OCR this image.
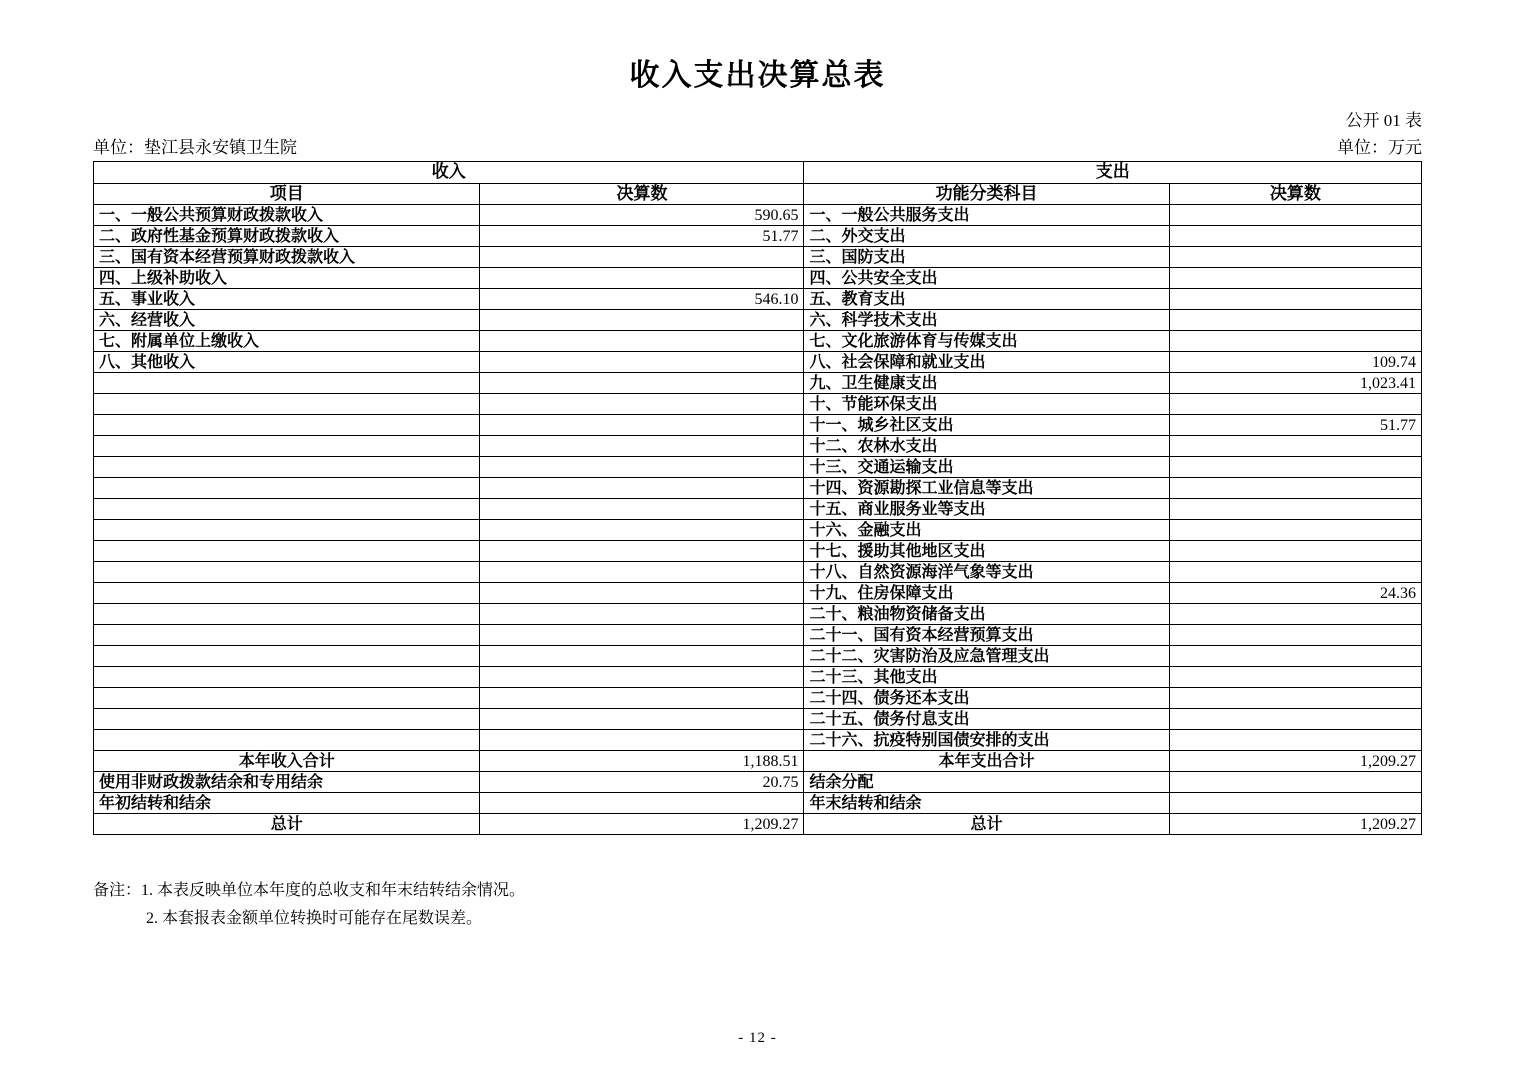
收入支出决算总表
公开 01 表
单位：垫江县永安镇卫生院	单位：万元
收入		支出	
项目	决算数	功能分类科目	决算数
一、一般公共预算财政拨款收入	590.65	一、一般公共服务支出	
二、政府性基金预算财政拨款收入	51.77	二、外交支出	
三、国有资本经营预算财政拨款收入		三、国防支出	
四、上级补助收入		四、公共安全支出	
五、事业收入	546.10	五、教育支出	
六、经营收入		六、科学技术支出	
七、附属单位上缴收入		七、文化旅游体育与传媒支出	
八、其他收入		八、社会保障和就业支出	109.74
		九、卫生健康支出	1,023.41
		十、节能环保支出	
		十一、城乡社区支出	51.77
		十二、农林水支出	
		十三、交通运输支出	
		十四、资源勘探工业信息等支出	
		十五、商业服务业等支出	
		十六、金融支出	
		十七、援助其他地区支出	
		十八、自然资源海洋气象等支出	
		十九、住房保障支出	24.36
		二十、粮油物资储备支出	
		二十一、国有资本经营预算支出	
		二十二、灾害防治及应急管理支出	
		二十三、其他支出	
		二十四、债务还本支出	
		二十五、债务付息支出	
		二十六、抗疫特别国债安排的支出	
本年收入合计	1,188.51	本年支出合计	1,209.27
使用非财政拨款结余和专用结余	20.75	结余分配	
年初结转和结余		年末结转和结余	
总计	1,209.27	总计	1,209.27
备注：1. 本表反映单位本年度的总收支和年末结转结余情况。
2. 本套报表金额单位转换时可能存在尾数误差。
- 12 -
